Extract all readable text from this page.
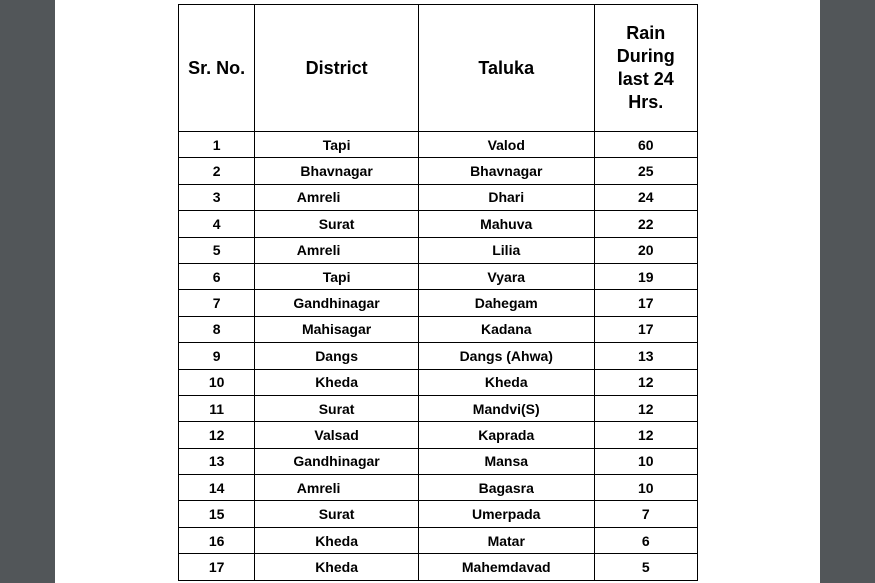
Sr. No.	District	Taluka	Rain
During
last 24
Hrs.
1	Tapi	Valod	60
2	Bhavnagar	Bhavnagar	25
3	Amreli	Dhari	24
4	Surat	Mahuva	22
5	Amreli	Lilia	20
6	Tapi	Vyara	19
7	Gandhinagar	Dahegam	17
8	Mahisagar	Kadana	17
9	Dangs	Dangs (Ahwa)	13
10	Kheda	Kheda	12
11	Surat	Mandvi(S)	12
12	Valsad	Kaprada	12
13	Gandhinagar	Mansa	10
14	Amreli	Bagasra	10
15	Surat	Umerpada	7
16	Kheda	Matar	6
17	Kheda	Mahemdavad	5
